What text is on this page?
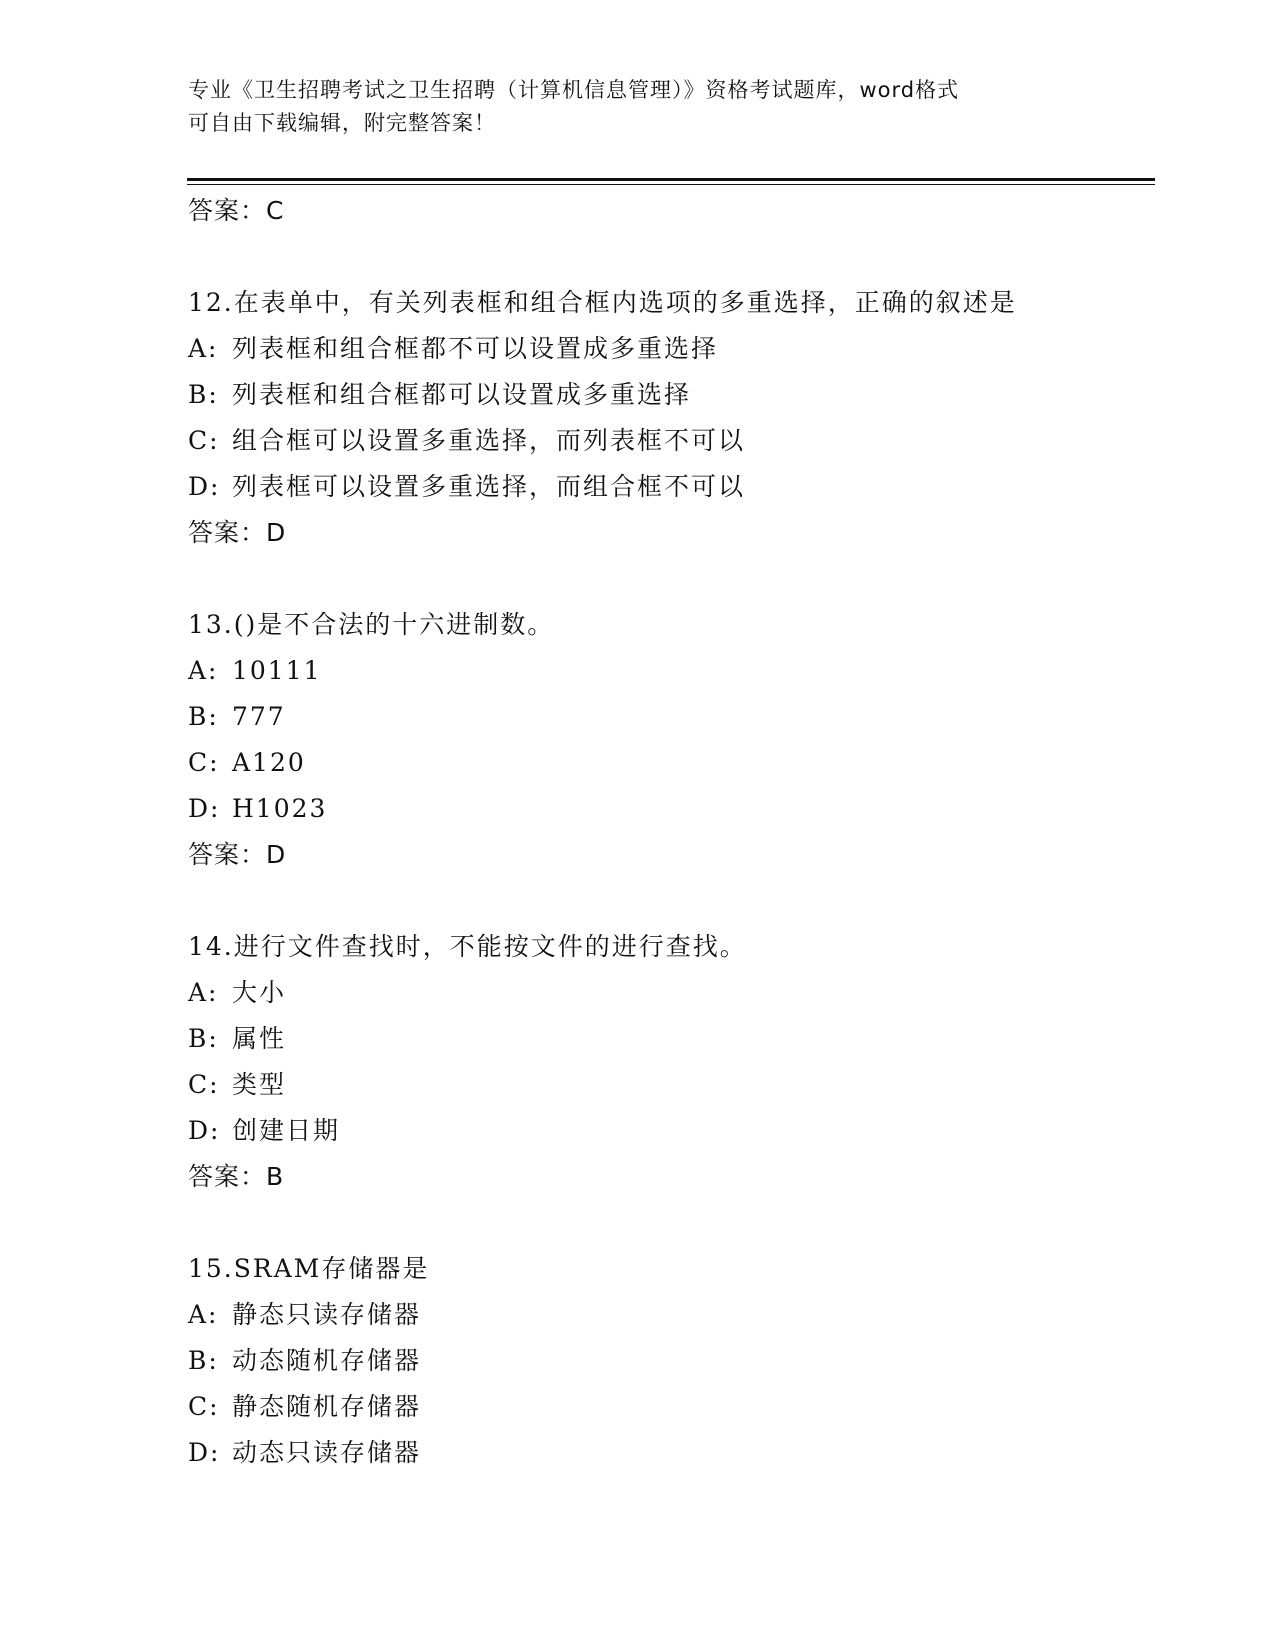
专业《卫生招聘考试之卫生招聘（计算机信息管理）》资格考试题库，word格式
可自由下载编辑，附完整答案！
答案：C
12.在表单中，有关列表框和组合框内选项的多重选择，正确的叙述是
A: 列表框和组合框都不可以设置成多重选择
B: 列表框和组合框都可以设置成多重选择
C: 组合框可以设置多重选择，而列表框不可以
D: 列表框可以设置多重选择，而组合框不可以
答案：D
13.()是不合法的十六进制数。
A: 10111
B: 777
C: A120
D: H1023
答案：D
14.进行文件查找时，不能按文件的进行查找。
A: 大小
B: 属性
C: 类型
D: 创建日期
答案：B
15.SRAM存储器是
A: 静态只读存储器
B: 动态随机存储器
C: 静态随机存储器
D: 动态只读存储器
